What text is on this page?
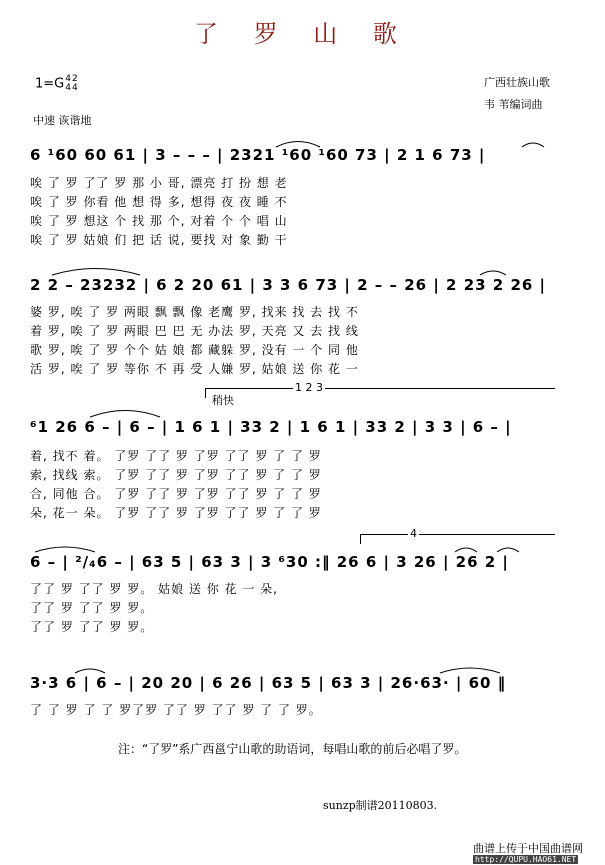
了 罗 山 歌
1=G4
42
4
中速 诙谐地
广西壮族山歌
韦 苇编词曲
6 ¹60 60 61 | 3 – – – | 2321 ¹60 ¹60 73 | 2 1 6 73 |
唉 了 罗 了了 罗 那 小 哥, 漂亮 打 扮 想 老
唉 了 罗 你看 他 想 得 多, 想得 夜 夜 睡 不
唉 了 罗 想这 个 找 那 个, 对着 个 个 唱 山
唉 了 罗 姑娘 们 把 话 说, 要找 对 象 勤 干
2 2 – 23232 | 6 2 20 61 | 3 3 6 73 | 2 – – 26 | 2 23 2 26 |
婆 罗, 唉 了 罗 两眼 飘 飘 像 老鹰 罗, 找来 找 去 找 不
着 罗, 唉 了 罗 两眼 巴 巴 无 办法 罗, 天亮 又 去 找 线
歌 罗, 唉 了 罗 个个 姑 娘 都 藏躲 罗, 没有 一 个 同 他
活 罗, 唉 了 罗 等你 不 再 受 人嫌 罗, 姑娘 送 你 花 一
1 2 3
稍快
⁶1 26 6 – | 6 – | 1 6 1 | 33 2 | 1 6 1 | 33 2 | 3 3 | 6 – |
着, 找不 着。 了罗 了了 罗 了罗 了了 罗 了 了 罗
索, 找线 索。 了罗 了了 罗 了罗 了了 罗 了 了 罗
合, 同他 合。 了罗 了了 罗 了罗 了了 罗 了 了 罗
朵, 花一 朵。 了罗 了了 罗 了罗 了了 罗 了 了 罗
4
6 – | ²/₄6 – | 63 5 | 63 3 | 3 ⁶30 :‖ 26 6 | 3 26 | 26 2 |
了了 罗 了了 罗 罗。 姑娘 送 你 花 一 朵,
了了 罗 了了 罗 罗。
了了 罗 了了 罗 罗。
3·3 6 | 6 – | 20 20 | 6 26 | 63 5 | 63 3 | 26·63· | 60 ‖
了 了 罗 了 了 罗了罗 了了 罗 了了 罗 了 了 罗。
注：“了罗”系广西邕宁山歌的助语词，每唱山歌的前后必唱了罗。
sunzp制谱20110803.
曲谱上传于中国曲谱网
http://QUPU.HAO61.NET
